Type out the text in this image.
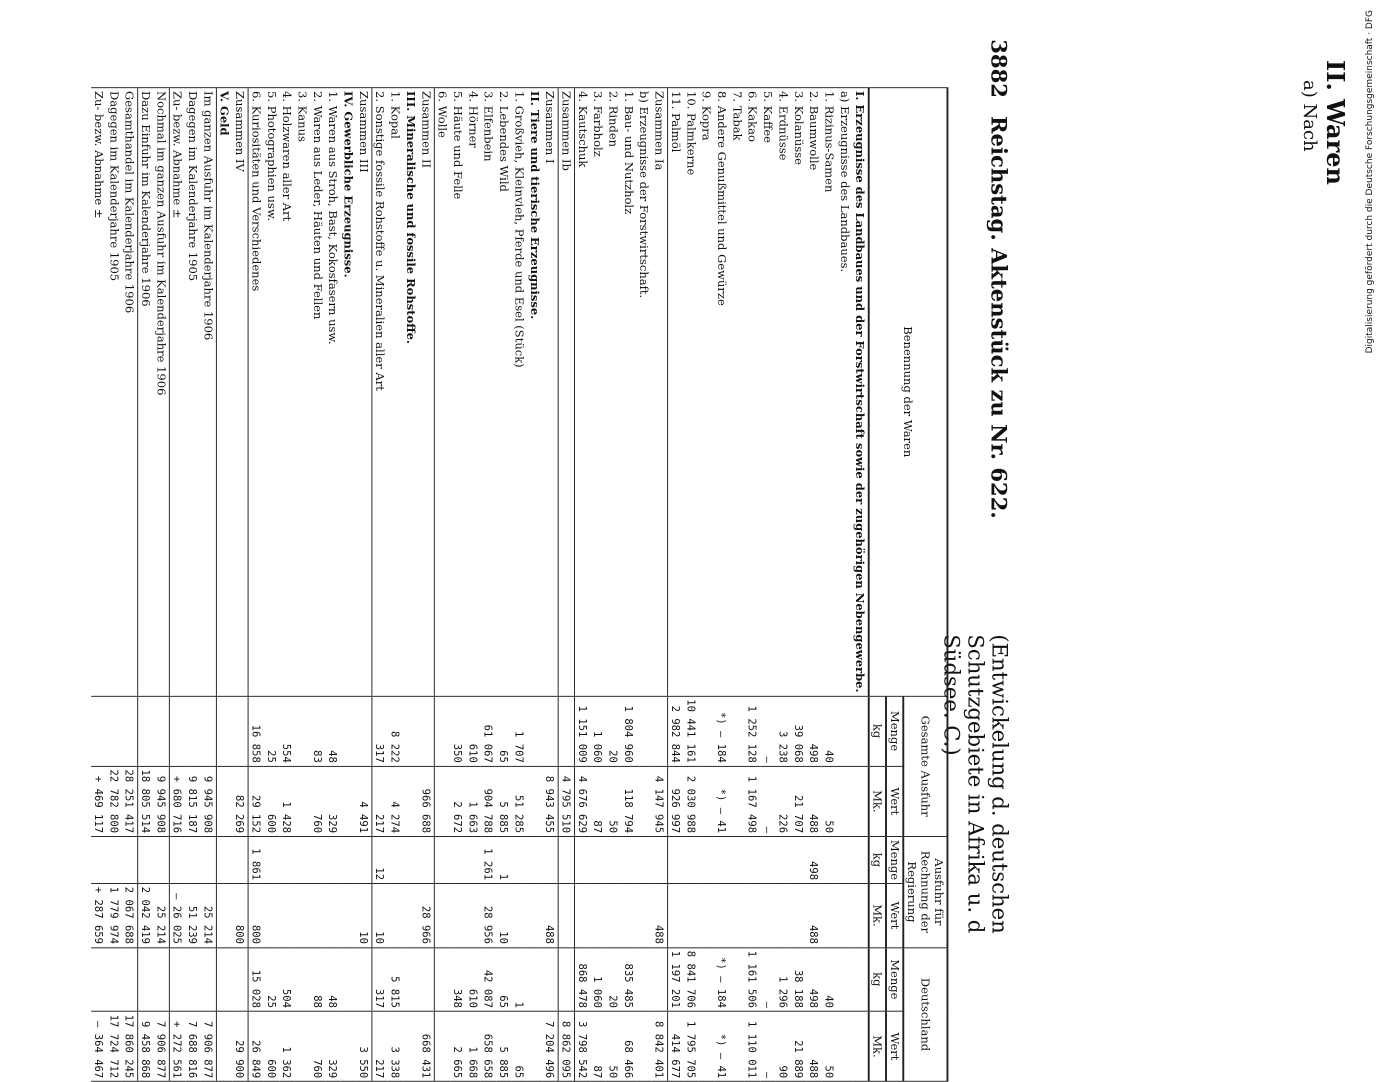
3882
Reichstag. Aktenstück zu Nr. 622.
(Entwickelung d. deutschen Schutzgebiete in Afrika u. d Südsee. C.)
Benennung der Waren	Gesamte Ausfuhr		Ausfuhr für Rechnung der Regierung		Deutschland	
	Menge	Wert	Menge	Wert	Menge	Wert
	kg	Mk.	kg	Mk.	kg	Mk.
I. Erzeugnisse des Landbaues und der Forstwirtschaft sowie der zugehörigen Nebengewerbe.						
a) Erzeugnisse des Landbaues.						
1. Rizinus-Samen	40	50			40	50
2. Baumwolle	498	488	498	488	498	488
3. Kolanüsse	39 068	21 707			38 188	21 889
4. Erdnüsse	3 238	226			1 296	90
5. Kaffee	—	—			—	—
6. Kakao	1 252 128	1 167 498			1 161 506	1 110 011
7. Tabak						
8. Andere Genußmittel und Gewürze	*) — 184	*) — 41			*) — 184	*) — 41
9. Kopra						
10. Palmkerne	10 441 161	2 030 988			8 841 706	1 795 705
11. Palmöl	2 982 844	926 997			1 197 201	414 677
Zusammen Ia		4 147 945		488		8 842 401
b) Erzeugnisse der Forstwirtschaft.						
1. Bau- und Nutzholz	1 804 960	118 794			835 485	68 466
2. Rinden	20	50			20	50
3. Farbholz	1 060	87			1 060	87
4. Kautschuk	1 151 009	4 676 629			868 478	3 798 542
Zusammen Ib		4 795 510				8 862 095
Zusammen I		8 943 455		488		7 204 496
II. Tiere und tierische Erzeugnisse.						
1. Großvieh, Kleinvieh, Pferde und Esel (Stück)	1 707	51 285			1	65
2. Lebendes Wild	65	5 885	1	10	65	5 885
3. Elfenbein	61 067	904 788	1 261	28 956	42 087	658 658
4. Hörner	610	1 663			610	1 668
5. Häute und Felle	350	2 672			348	2 665
6. Wolle						
Zusammen II		966 688		28 966		668 431
III. Mineralische und fossile Rohstoffe.						
1. Kopal	8 222	4 274			5 815	3 338
2. Sonstige fossile Rohstoffe u. Mineralien aller Art	317	217	12	10	317	217
Zusammen III		4 491		10		3 550
IV. Gewerbliche Erzeugnisse.						
1. Waren aus Stroh, Bast, Kokosfasern usw.	48	329			48	329
2. Waren aus Leder, Häuten und Fellen	83	760			88	760
3. Kanus						
4. Holzwaren aller Art	554	1 428			504	1 362
5. Photographien usw.	25	600			25	600
6. Kuriositäten und Verschiedenes	16 858	29 152	1 861	800	15 028	26 849
Zusammen IV		82 269		800		29 900
V. Geld						
Im ganzen Ausfuhr im Kalenderjahre 1906		9 945 908		25 214		7 906 877
Dagegen im Kalenderjahre 1905		9 815 187		51 239		7 688 816
Zu- bezw. Abnahme ±		+ 680 716		— 26 025		+ 272 561
Nochmal im ganzen Ausfuhr im Kalenderjahre 1906		9 945 908		25 214		7 906 877
Dazu Einfuhr im Kalenderjahre 1906		18 805 514		2 042 419		9 458 868
Gesamthandel im Kalenderjahre 1906		28 251 417		2 067 688		17 860 245
Dagegen im Kalenderjahre 1905		22 782 800		1 779 974		17 724 712
Zu- bezw. Abnahme ±		+ 469 117		+ 287 659		— 364 467
II. Waren
a) Nach	Digitalisierung gefördert durch die Deutsche Forschungsgemeinschaft · DFG
